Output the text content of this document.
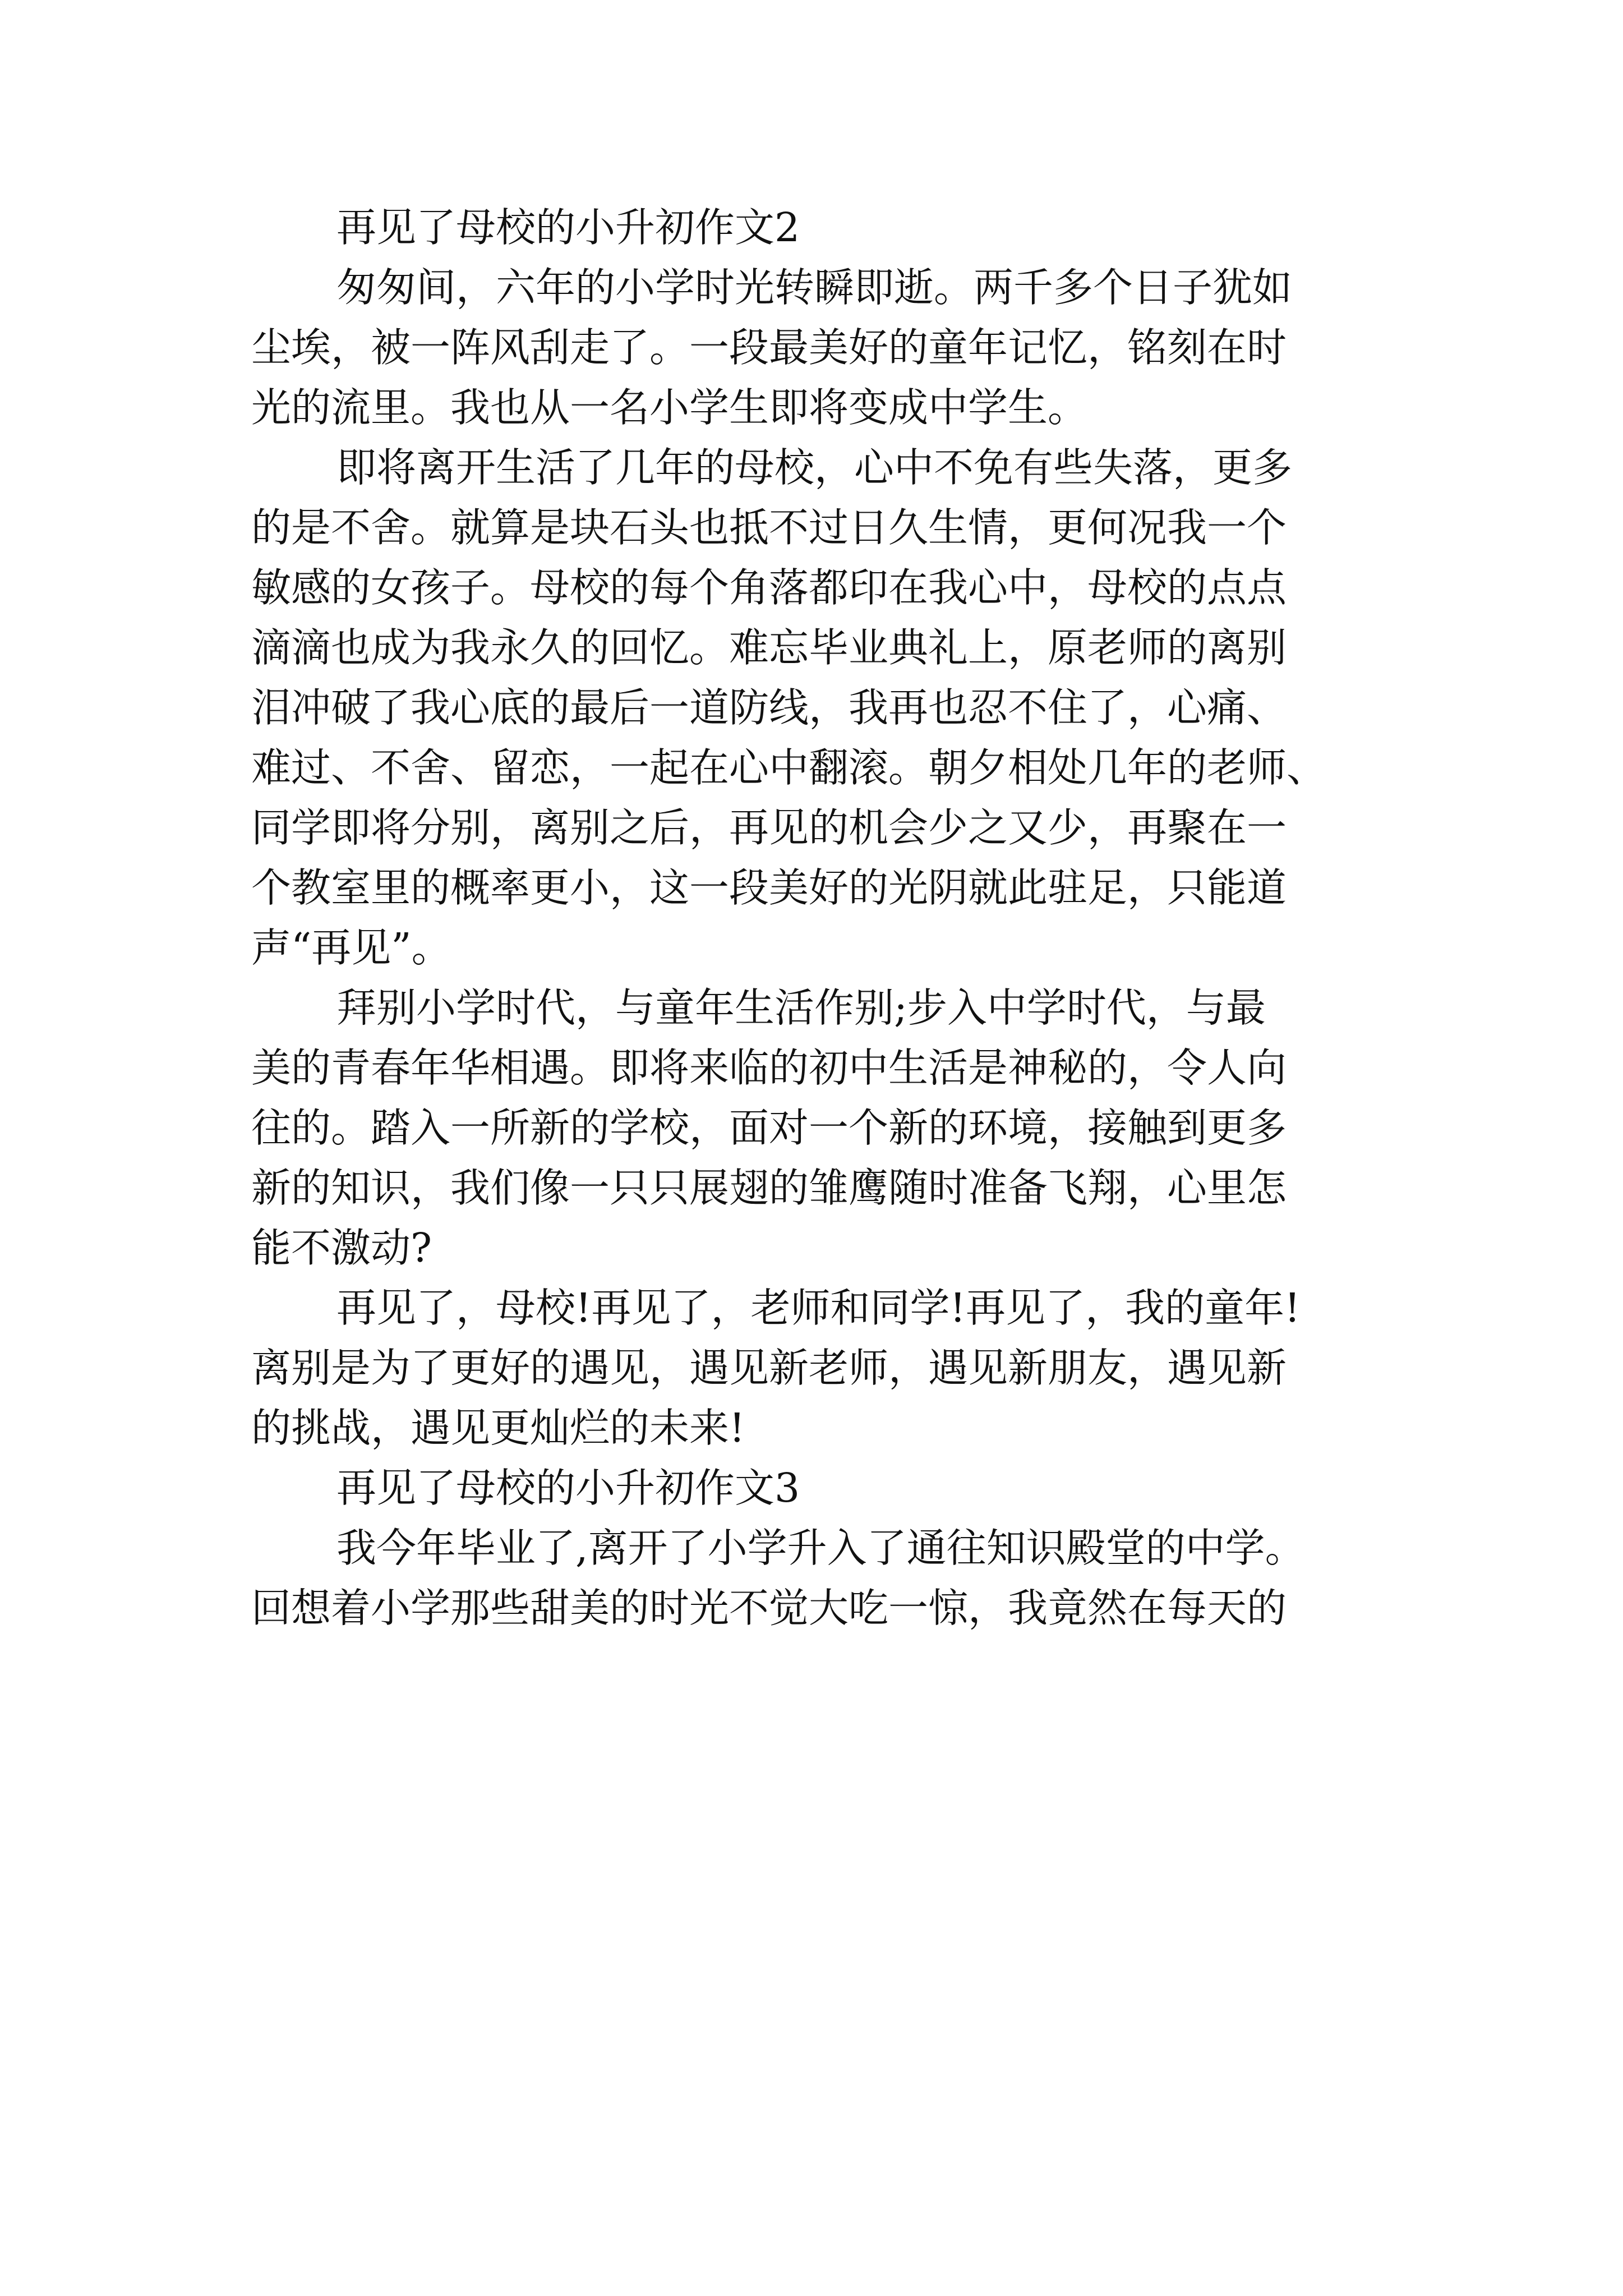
再见了母校的小升初作文2
匆匆间，六年的小学时光转瞬即逝。两千多个日子犹如
尘埃，被一阵风刮走了。一段最美好的童年记忆，铭刻在时
光的流里。我也从一名小学生即将变成中学生。
即将离开生活了几年的母校，心中不免有些失落，更多
的是不舍。就算是块石头也抵不过日久生情，更何况我一个
敏感的女孩子。母校的每个角落都印在我心中，母校的点点
滴滴也成为我永久的回忆。难忘毕业典礼上，原老师的离别
泪冲破了我心底的最后一道防线，我再也忍不住了，心痛、
难过、不舍、留恋，一起在心中翻滚。朝夕相处几年的老师、
同学即将分别，离别之后，再见的机会少之又少，再聚在一
个教室里的概率更小，这一段美好的光阴就此驻足，只能道
声“再见”。
拜别小学时代，与童年生活作别;步入中学时代，与最
美的青春年华相遇。即将来临的初中生活是神秘的，令人向
往的。踏入一所新的学校，面对一个新的环境，接触到更多
新的知识，我们像一只只展翅的雏鹰随时准备飞翔，心里怎
能不激动?
再见了，母校!再见了，老师和同学!再见了，我的童年!
离别是为了更好的遇见，遇见新老师，遇见新朋友，遇见新
的挑战，遇见更灿烂的未来!
再见了母校的小升初作文3
我今年毕业了,离开了小学升入了通往知识殿堂的中学。
回想着小学那些甜美的时光不觉大吃一惊，我竟然在每天的
